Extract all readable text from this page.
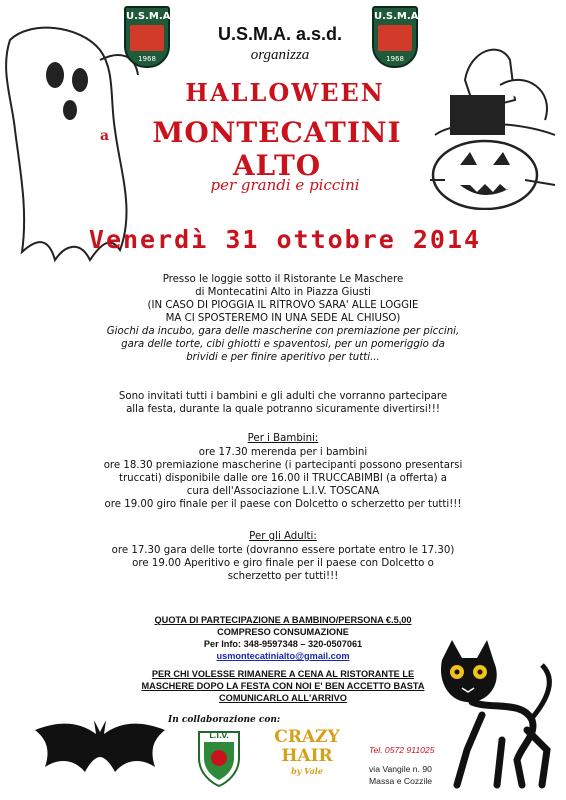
U.S.M.A.
1968
U.S.M.A.
1968
U.S.M.A. a.s.d.
organizza
HALLOWEEN
a	MONTECATINI ALTO
per grandi e piccini
Venerdì 31 ottobre 2014
Presso le loggie sotto il Ristorante Le Maschere
di Montecatini Alto in Piazza Giusti
(IN CASO DI PIOGGIA IL RITROVO SARA' ALLE LOGGIE
MA CI SPOSTEREMO IN UNA SEDE AL CHIUSO)
Giochi da incubo, gara delle mascherine con premiazione per piccini,
gara delle torte, cibi ghiotti e spaventosi, per un pomeriggio da
brividi e per finire aperitivo per tutti...
Sono invitati tutti i bambini e gli adulti che vorranno partecipare
alla festa, durante la quale potranno sicuramente divertirsi!!!
Per i Bambini:
ore 17.30 merenda per i bambini
ore 18.30 premiazione mascherine (i partecipanti possono presentarsi
truccati) disponibile dalle ore 16.00 il TRUCCABIMBI (a offerta) a
cura dell'Associazione L.I.V. TOSCANA
ore 19.00 giro finale per il paese con Dolcetto o scherzetto per tutti!!!
Per gli Adulti:
ore 17.30 gara delle torte (dovranno essere portate entro le 17.30)
ore 19.00 Aperitivo e giro finale per il paese con Dolcetto o
scherzetto per tutti!!!
QUOTA DI PARTECIPAZIONE A BAMBINO/PERSONA €.5,00
COMPRESO CONSUMAZIONE
Per Info: 348-9597348 – 320-0507061
usmontecatinialto@gmail.com
PER CHI VOLESSE RIMANERE A CENA AL RISTORANTE LE
MASCHERE DOPO LA FESTA CON NOI E' BEN ACCETTO BASTA
COMUNICARLO ALL'ARRIVO
In collaborazione con:
L.I.V.	CRAZY
HAIR
by Vale
Tel. 0572 911025
via Vangile n. 90
Massa e Cozzile
